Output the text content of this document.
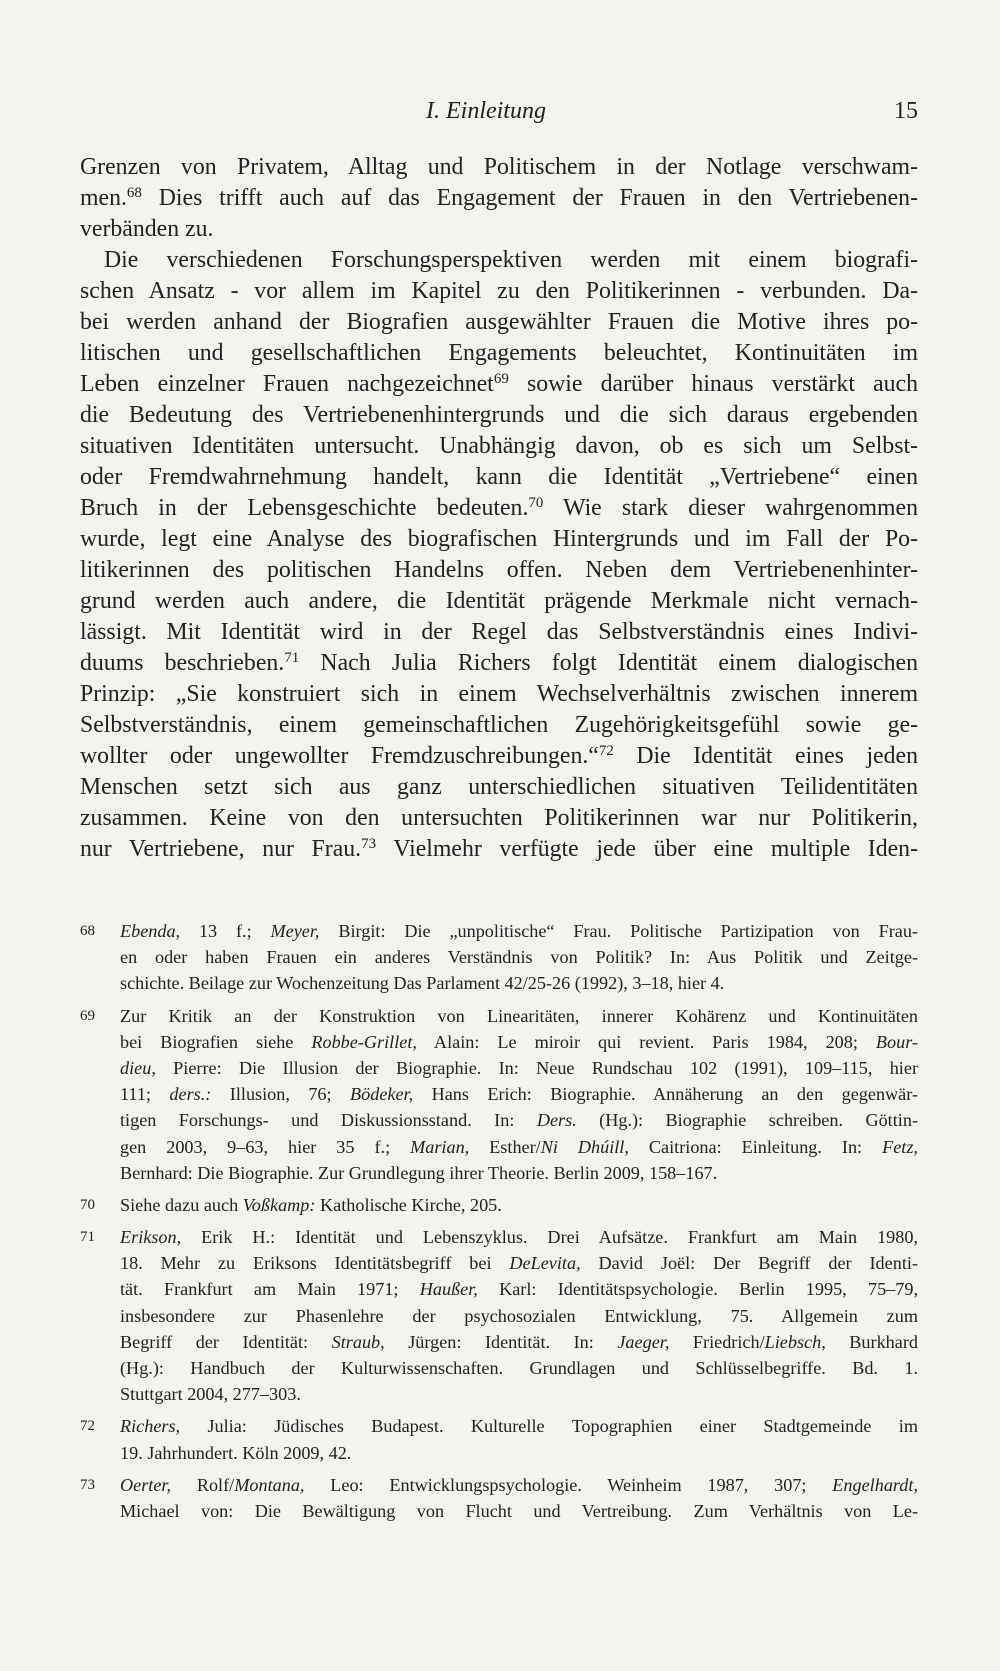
I. Einleitung	15
Grenzen von Privatem, Alltag und Politischem in der Notlage verschwam-
men.$^{68}$ Dies trifft auch auf das Engagement der Frauen in den Vertriebenen-
verbänden zu.
Die verschiedenen Forschungsperspektiven werden mit einem biografi-
schen Ansatz - vor allem im Kapitel zu den Politikerinnen - verbunden. Da-
bei werden anhand der Biografien ausgewählter Frauen die Motive ihres po-
litischen und gesellschaftlichen Engagements beleuchtet, Kontinuitäten im
Leben einzelner Frauen nachgezeichnet$^{69}$ sowie darüber hinaus verstärkt auch
die Bedeutung des Vertriebenenhintergrunds und die sich daraus ergebenden
situativen Identitäten untersucht. Unabhängig davon, ob es sich um Selbst-
oder Fremdwahrnehmung handelt, kann die Identität „Vertriebene“ einen
Bruch in der Lebensgeschichte bedeuten.$^{70}$ Wie stark dieser wahrgenommen
wurde, legt eine Analyse des biografischen Hintergrunds und im Fall der Po-
litikerinnen des politischen Handelns offen. Neben dem Vertriebenenhinter-
grund werden auch andere, die Identität prägende Merkmale nicht vernach-
lässigt. Mit Identität wird in der Regel das Selbstverständnis eines Indivi-
duums beschrieben.$^{71}$ Nach Julia Richers folgt Identität einem dialogischen
Prinzip: „Sie konstruiert sich in einem Wechselverhältnis zwischen innerem
Selbstverständnis, einem gemeinschaftlichen Zugehörigkeitsgefühl sowie ge-
wollter oder ungewollter Fremdzuschreibungen.“$^{72}$ Die Identität eines jeden
Menschen setzt sich aus ganz unterschiedlichen situativen Teilidentitäten
zusammen. Keine von den untersuchten Politikerinnen war nur Politikerin,
nur Vertriebene, nur Frau.$^{73}$ Vielmehr verfügte jede über eine multiple Iden-
68 Ebenda, 13 f.; Meyer, Birgit: Die „unpolitische“ Frau. Politische Partizipation von Frau-
en oder haben Frauen ein anderes Verständnis von Politik? In: Aus Politik und Zeitge-
schichte. Beilage zur Wochenzeitung Das Parlament 42/25-26 (1992), 3–18, hier 4.
69 Zur Kritik an der Konstruktion von Linearitäten, innerer Kohärenz und Kontinuitäten
bei Biografien siehe Robbe-Grillet, Alain: Le miroir qui revient. Paris 1984, 208; Bour-
dieu, Pierre: Die Illusion der Biographie. In: Neue Rundschau 102 (1991), 109–115, hier
111; ders.: Illusion, 76; Bödeker, Hans Erich: Biographie. Annäherung an den gegenwär-
tigen Forschungs- und Diskussionsstand. In: Ders. (Hg.): Biographie schreiben. Göttin-
gen 2003, 9–63, hier 35 f.; Marian, Esther/Ni Dhúill, Caitriona: Einleitung. In: Fetz,
Bernhard: Die Biographie. Zur Grundlegung ihrer Theorie. Berlin 2009, 158–167.
70 Siehe dazu auch Voßkamp: Katholische Kirche, 205.
71 Erikson, Erik H.: Identität und Lebenszyklus. Drei Aufsätze. Frankfurt am Main 1980,
18. Mehr zu Eriksons Identitätsbegriff bei DeLevita, David Joël: Der Begriff der Identi-
tät. Frankfurt am Main 1971; Haußer, Karl: Identitätspsychologie. Berlin 1995, 75–79,
insbesondere zur Phasenlehre der psychosozialen Entwicklung, 75. Allgemein zum
Begriff der Identität: Straub, Jürgen: Identität. In: Jaeger, Friedrich/Liebsch, Burkhard
(Hg.): Handbuch der Kulturwissenschaften. Grundlagen und Schlüsselbegriffe. Bd. 1.
Stuttgart 2004, 277–303.
72 Richers, Julia: Jüdisches Budapest. Kulturelle Topographien einer Stadtgemeinde im
19. Jahrhundert. Köln 2009, 42.
73 Oerter, Rolf/Montana, Leo: Entwicklungspsychologie. Weinheim 1987, 307; Engelhardt,
Michael von: Die Bewältigung von Flucht und Vertreibung. Zum Verhältnis von Le-
